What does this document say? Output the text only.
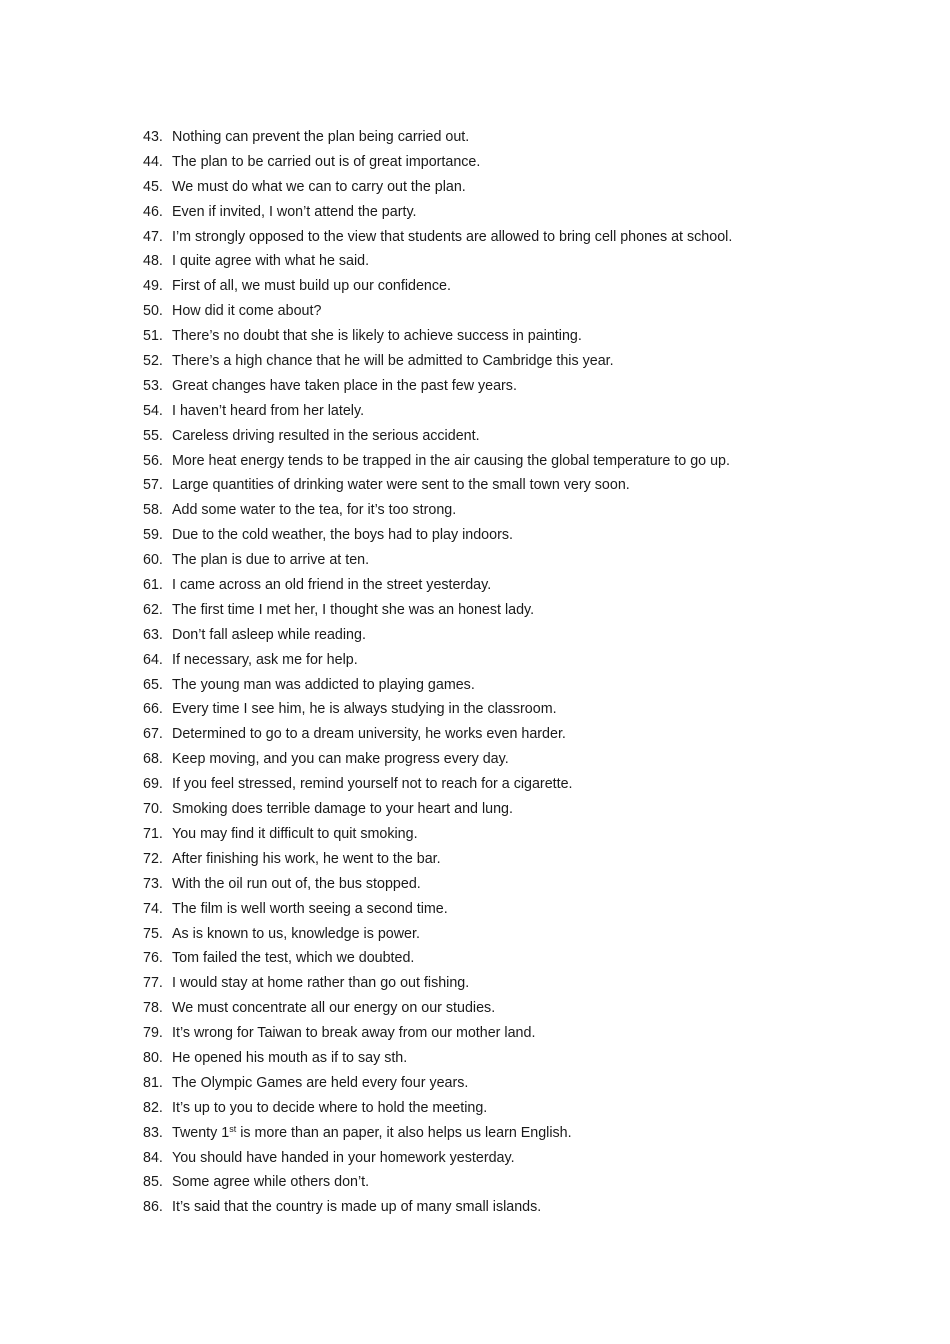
43. Nothing can prevent the plan being carried out.
44. The plan to be carried out is of great importance.
45. We must do what we can to carry out the plan.
46. Even if invited, I won’t attend the party.
47. I’m strongly opposed to the view that students are allowed to bring cell phones at school.
48. I quite agree with what he said.
49. First of all, we must build up our confidence.
50. How did it come about?
51. There’s no doubt that she is likely to achieve success in painting.
52. There’s a high chance that he will be admitted to Cambridge this year.
53. Great changes have taken place in the past few years.
54. I haven’t heard from her lately.
55. Careless driving resulted in the serious accident.
56. More heat energy tends to be trapped in the air causing the global temperature to go up.
57. Large quantities of drinking water were sent to the small town very soon.
58. Add some water to the tea, for it’s too strong.
59. Due to the cold weather, the boys had to play indoors.
60. The plan is due to arrive at ten.
61. I came across an old friend in the street yesterday.
62. The first time I met her, I thought she was an honest lady.
63. Don’t fall asleep while reading.
64. If necessary, ask me for help.
65. The young man was addicted to playing games.
66. Every time I see him, he is always studying in the classroom.
67. Determined to go to a dream university, he works even harder.
68. Keep moving, and you can make progress every day.
69. If you feel stressed, remind yourself not to reach for a cigarette.
70. Smoking does terrible damage to your heart and lung.
71. You may find it difficult to quit smoking.
72. After finishing his work, he went to the bar.
73. With the oil run out of, the bus stopped.
74. The film is well worth seeing a second time.
75. As is known to us, knowledge is power.
76. Tom failed the test, which we doubted.
77. I would stay at home rather than go out fishing.
78. We must concentrate all our energy on our studies.
79. It’s wrong for Taiwan to break away from our mother land.
80. He opened his mouth as if to say sth.
81. The Olympic Games are held every four years.
82. It’s up to you to decide where to hold the meeting.
83. Twenty 1st is more than an paper, it also helps us learn English.
84. You should have handed in your homework yesterday.
85. Some agree while others don’t.
86. It’s said that the country is made up of many small islands.
